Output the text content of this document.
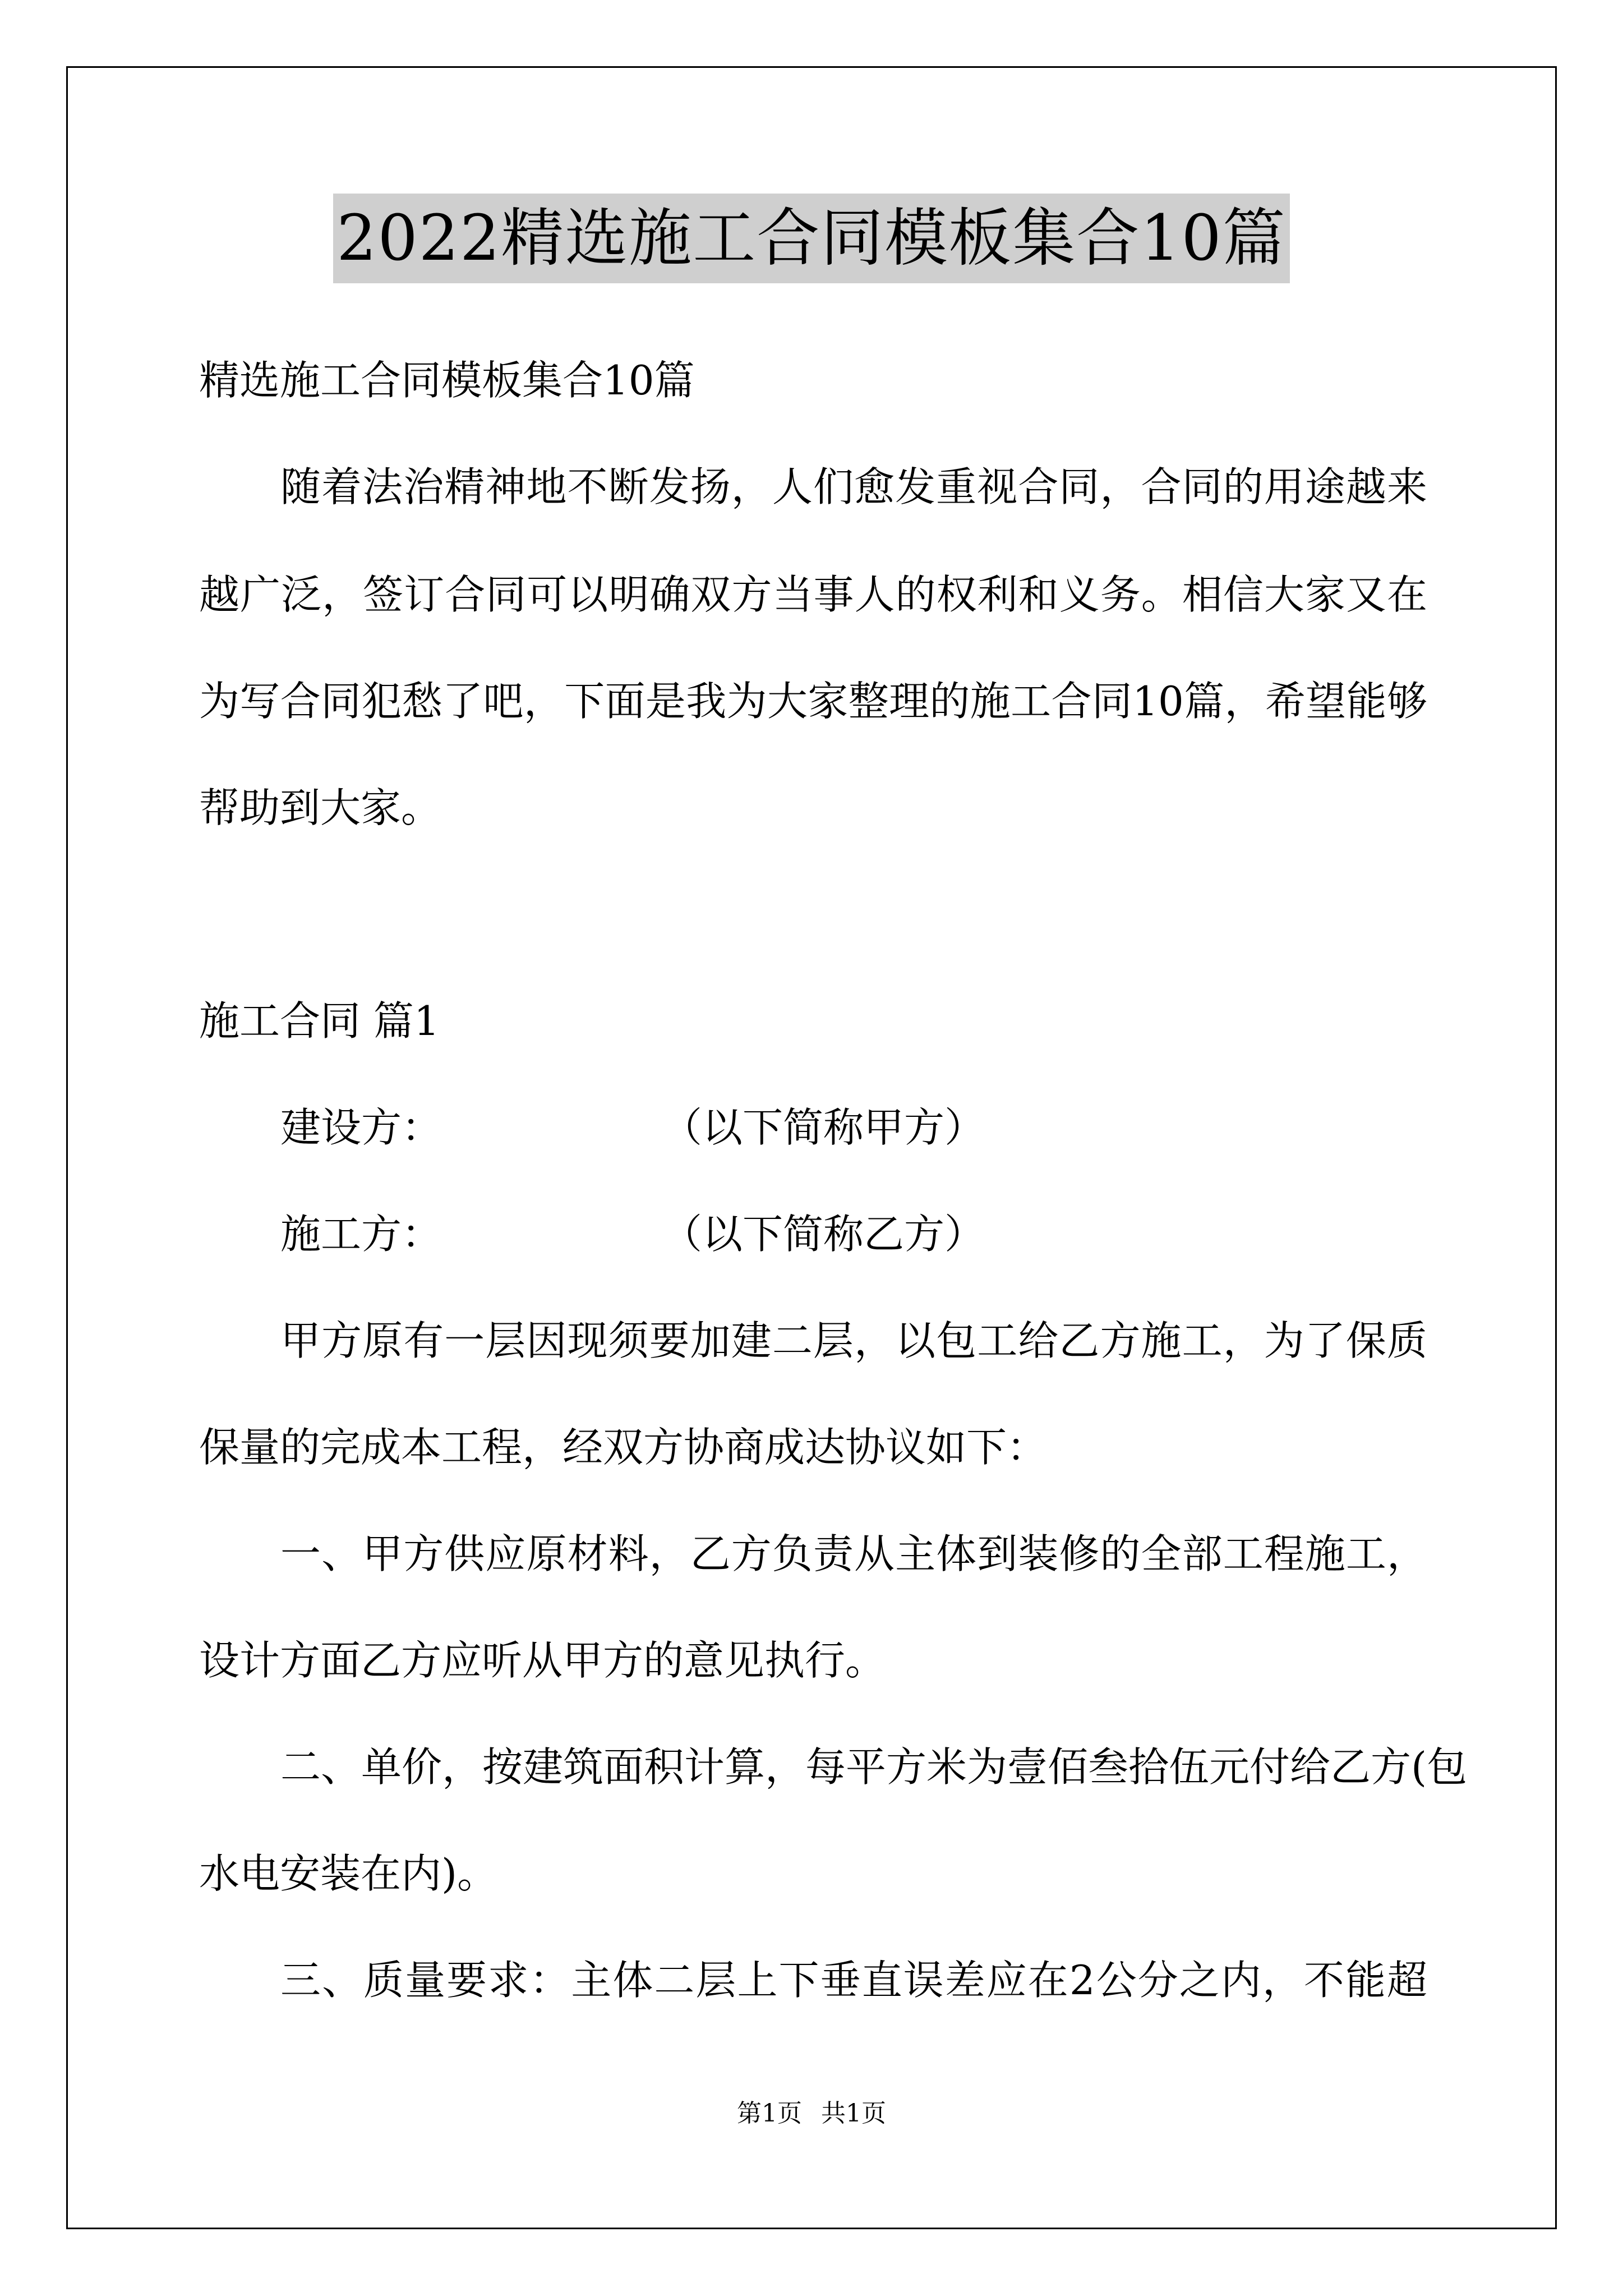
2022精选施工合同模板集合10篇
精选施工合同模板集合10篇
随着法治精神地不断发扬，人们愈发重视合同，合同的用途越来
越广泛，签订合同可以明确双方当事人的权利和义务。相信大家又在
为写合同犯愁了吧，下面是我为大家整理的施工合同10篇，希望能够
帮助到大家。
施工合同 篇1
建设方：	（以下简称甲方）
施工方：	（以下简称乙方）
甲方原有一层因现须要加建二层，以包工给乙方施工，为了保质
保量的完成本工程，经双方协商成达协议如下：
一、甲方供应原材料，乙方负责从主体到装修的全部工程施工，
设计方面乙方应听从甲方的意见执行。
二、单价，按建筑面积计算，每平方米为壹佰叁拾伍元付给乙方(包
水电安装在内)。
三、质量要求：主体二层上下垂直误差应在2公分之内，不能超
第1页 共1页
